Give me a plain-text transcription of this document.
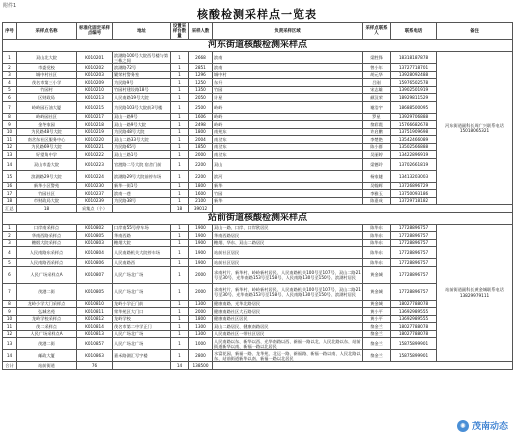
附件1
核酸检测采样点一览表
序号	采样点名称	标准化固定采样点编号	地址	设置采样台数量	采样人数	负责采样区域	采样点联系人	联系电话	备注
河东街道核酸检测采样点									
1	双山北大院	K010201	滨湖路100号大院西号楼与第三栋之间	1	2668	滨南	梁胜锋	18318187878	河东街道副科长周广兴联系电话15018065321
2	市委党校	K010202	滨湖路72号	1	2851	滨南	曾小年	13727718701	
3	城中村社区	K010203	繁荣村警务室	1	1296	城中村	胡元华	13928092488	
4	茂名市第三小学	K010209	为民路9号	1	1250	东升	吕刚	15976502578	
5	竹园村	K010210	竹园村建设路18号	1	1350	竹园	宋志雄	13902501919	
6	区财政局	K010213	人民南路19号大院	1	2050	计星	颜汉荣	18929811529	
7	岭岭园石油大厦	K010215	为民路103号大院前3号楼	1	2500	岭岭	谢浩宇	18688500095	
8	岭岭园社区	K010217	双山一路9号	1	1606	岭岭	罗星	13929706888	
9	金冬家园	K010218	双山一路9号大院	1	2498	岭岭	黎彩霞	15766682678	
10	为民路48号大院	K010219	为民路48号大院	1	1800	南苑东	许启鹏	13751909698	
11	南岔东社区服务中心	K010220	双山二路33号大院	1	2004	南岔东	李楚艳	13542466089	
12	为民路69号大院	K010221	为民路65号	1	1850	南岔东	陈小群	13502566888	
13	好望角中学	K010222	双山三路1号	1	2000	南岔东	吴丽婷	13422896919	
14	双山市委大院	K010223	官渡路二号大院 宿舍门前	1	2200	双山	梁德玲	13702661819	
15	滨湖路29号大院	K010224	滨湖路29号大院前停车场	1	2200	滨河	杨家婕	13413203003	
16	新华小区警苑	K010230	新华一街1号	1	1800	新华	吴翰辉	13726896729	
17	竹园社区	K010237	滨南一巷	1	1600	竹园	李雅玉	13750093186	
18	市财政局大院	K010239	为民路38号	1	2100	新华	陈嘉成	13729718182	
汇总	18	采集点（个）		18	39012				
站前街道核酸检测采样点									
1	口岸南采样点	K010802	口岸南55号停车场	1	1900	双山一路、口岸、口岸欧居民	陈华东	17728896757	站前街道副科长黄金城联系电话13829979111
2	华南西路采样点	K010805	华南西路	1	1900	华南西路居民	陈华东	17728896757	
3	糖烟大院采样点	K010803	糖烟大院	1	1900	糖烟、华东、双山二路居民	陈华东	17728896757	
4	人民南路东采样点	K010804	人民南路机关大院停车场	1	1900	站前社区居民	陈华东	17728896757	
5	人民南路西采样点	K010806	人民南路西	1	1900	站前社区居民	陈华东	17728896757	
6	人民广场采样点A	K010807	人民广场北广场	1	2000	求南村片、新华村、岭岭新村居民、人民南路机关100号至107号、双山二路21号至30号、光华南路153号至158号、人民南路130号至150号、滨湖村居民	黄金城	17728896757	
7	茂港二街	K010805	人民广场北广场	1	2000	求南村片、新华村、岭岭新村居民、人民南路机关100号至107号、双山二路21号至30号、光华南路153号至158号、人民南路130号至150号、滨湖村居民	黄金城	17728896757	
8	龙岭小学大门采样点	K010810	龙岭小学正门前	1	1300	健康南路、光华北路居民	黄金城	18027788078	
9	弘城名苑	K010811	荣华苑区大门口	1	2000	健康南路社区大石路居民	黄小平	13692989555	
10	龙岭学校采样点	K010812	龙岭学校	1	1800	健康南路社区居民	黄小平	13692989555	
11	茂二采样点	K010814	茂名市第二中学正门	1	1300	双山二路居民、健康南路居民	黎金兰	18027788078	
12	人民广场采样点A	K010813	人民广场北广场	1	1300	人民南路社区一带社区居民	黎金兰	18027788078	
13	茂港二街	K010857	人民广场北广场	1	1000	人民南路以东、新华以西、光华南路以西、新福一路以北、人民北路以东、站前街道新华以南、新福一路以北居民	黎金兰	15875899901	
14	邮政大厦	K010863	嘉禾路湖汇写字楼	1	2800	水富花园、新福一路、龙华苑、北运一路、新福路、新福一路以南、人民北路以东、站前街道新华以南、新福一路以北居民	黎金兰	15875899901	
合计	站前街道	76		14	138500				
✺ 茂南动态
